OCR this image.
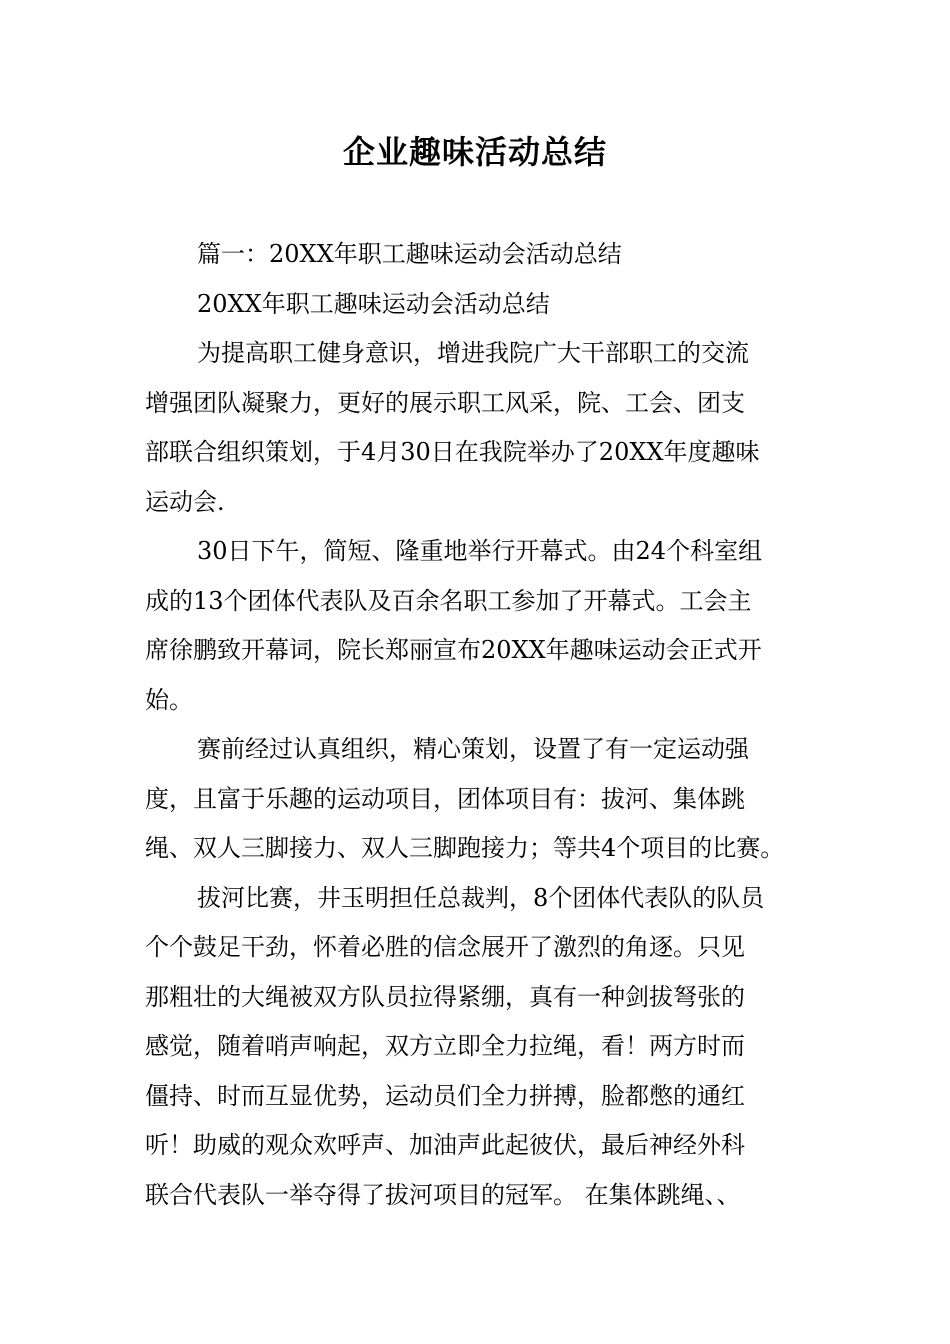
企业趣味活动总结

篇一：20XX年职工趣味运动会活动总结

20XX年职工趣味运动会活动总结

为提高职工健身意识，增进我院广大干部职工的交流
增强团队凝聚力，更好的展示职工风采，院、工会、团支
部联合组织策划，于4月30日在我院举办了20XX年度趣味
运动会.

30日下午，简短、隆重地举行开幕式。由24个科室组
成的13个团体代表队及百余名职工参加了开幕式。工会主
席徐鹏致开幕词，院长郑丽宣布20XX年趣味运动会正式开
始。

赛前经过认真组织，精心策划，设置了有一定运动强
度，且富于乐趣的运动项目，团体项目有：拔河、集体跳
绳、双人三脚接力、双人三脚跑接力；等共4个项目的比赛。

拔河比赛，井玉明担任总裁判，8个团体代表队的队员
个个鼓足干劲，怀着必胜的信念展开了激烈的角逐。只见
那粗壮的大绳被双方队员拉得紧绷，真有一种剑拔弩张的
感觉，随着哨声响起，双方立即全力拉绳，看！两方时而
僵持、时而互显优势，运动员们全力拼搏，脸都憋的通红
听！助威的观众欢呼声、加油声此起彼伏，最后神经外科
联合代表队一举夺得了拔河项目的冠军。 在集体跳绳、、
